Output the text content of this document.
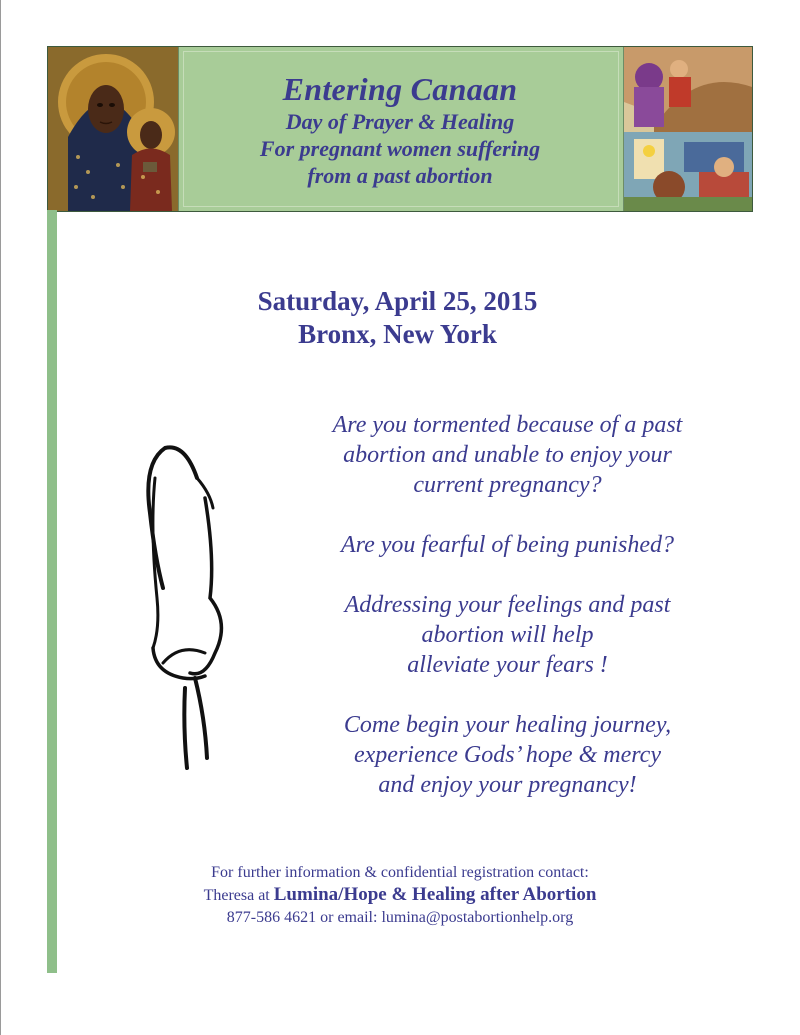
Entering Canaan
Day of Prayer & Healing
For pregnant women suffering
from a past abortion
Saturday, April 25, 2015
Bronx, New York

Are you tormented because of a past
abortion and unable to enjoy your
current pregnancy?

Are you fearful of being punished?

Addressing your feelings and past
abortion will help
alleviate your fears !

Come begin your healing journey,
experience Gods’ hope & mercy
and enjoy your pregnancy!

For further information & confidential registration contact:
Theresa at Lumina/Hope & Healing after Abortion
877-586 4621 or email: lumina@postabortionhelp.org
